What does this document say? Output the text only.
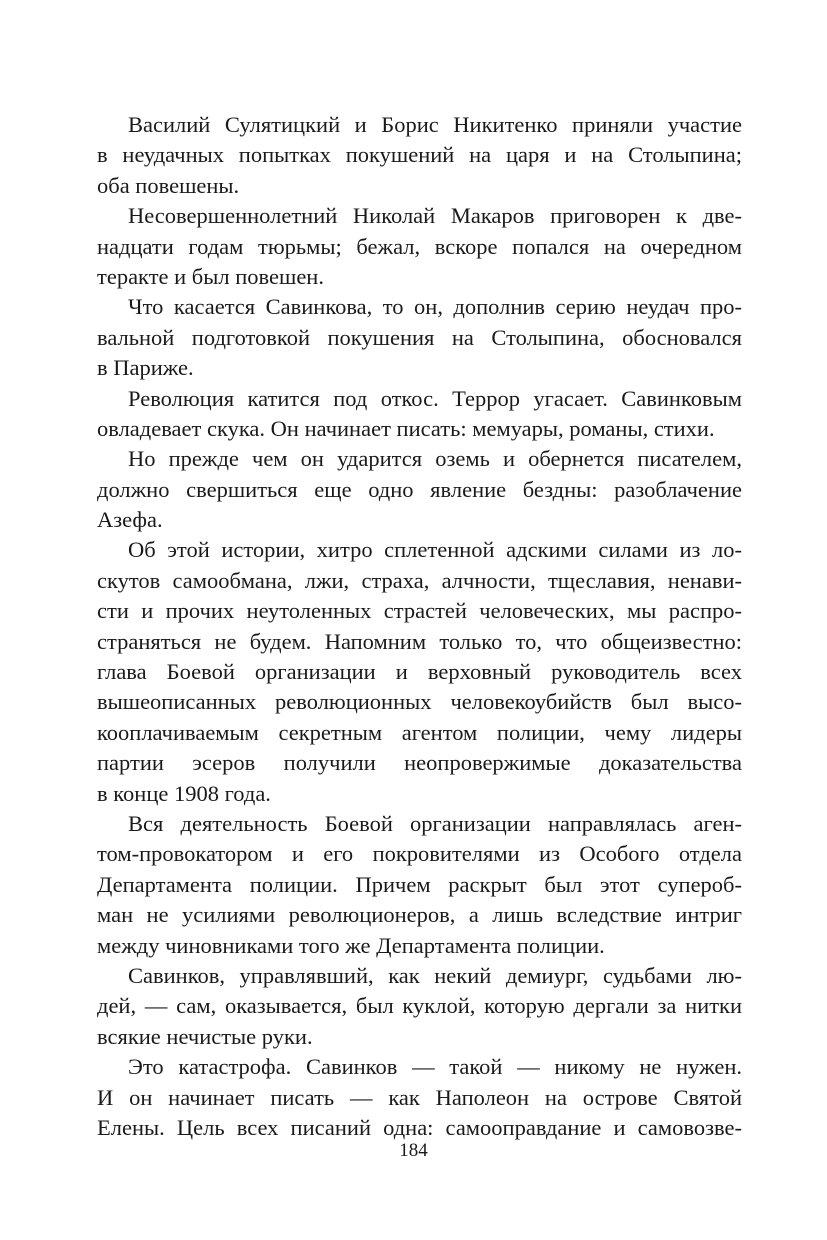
Василий Сулятицкий и Борис Никитенко приняли участие
в неудачных попытках покушений на царя и на Столыпина;
оба повешены.
Несовершеннолетний Николай Макаров приговорен к две-
надцати годам тюрьмы; бежал, вскоре попался на очередном
теракте и был повешен.
Что касается Савинкова, то он, дополнив серию неудач про-
вальной подготовкой покушения на Столыпина, обосновался
в Париже.
Революция катится под откос. Террор угасает. Савинковым
овладевает скука. Он начинает писать: мемуары, романы, стихи.
Но прежде чем он ударится оземь и обернется писателем,
должно свершиться еще одно явление бездны: разоблачение
Азефа.
Об этой истории, хитро сплетенной адскими силами из ло-
скутов самообмана, лжи, страха, алчности, тщеславия, ненави-
сти и прочих неутоленных страстей человеческих, мы распро-
страняться не будем. Напомним только то, что общеизвестно:
глава Боевой организации и верховный руководитель всех
вышеописанных революционных человекоубийств был высо-
кооплачиваемым секретным агентом полиции, чему лидеры
партии эсеров получили неопровержимые доказательства
в конце 1908 года.
Вся деятельность Боевой организации направлялась аген-
том-провокатором и его покровителями из Особого отдела
Департамента полиции. Причем раскрыт был этот супероб-
ман не усилиями революционеров, а лишь вследствие интриг
между чиновниками того же Департамента полиции.
Савинков, управлявший, как некий демиург, судьбами лю-
дей, — сам, оказывается, был куклой, которую дергали за нитки
всякие нечистые руки.
Это катастрофа. Савинков — такой — никому не нужен.
И он начинает писать — как Наполеон на острове Святой
Елены. Цель всех писаний одна: самооправдание и самовозве-
184
